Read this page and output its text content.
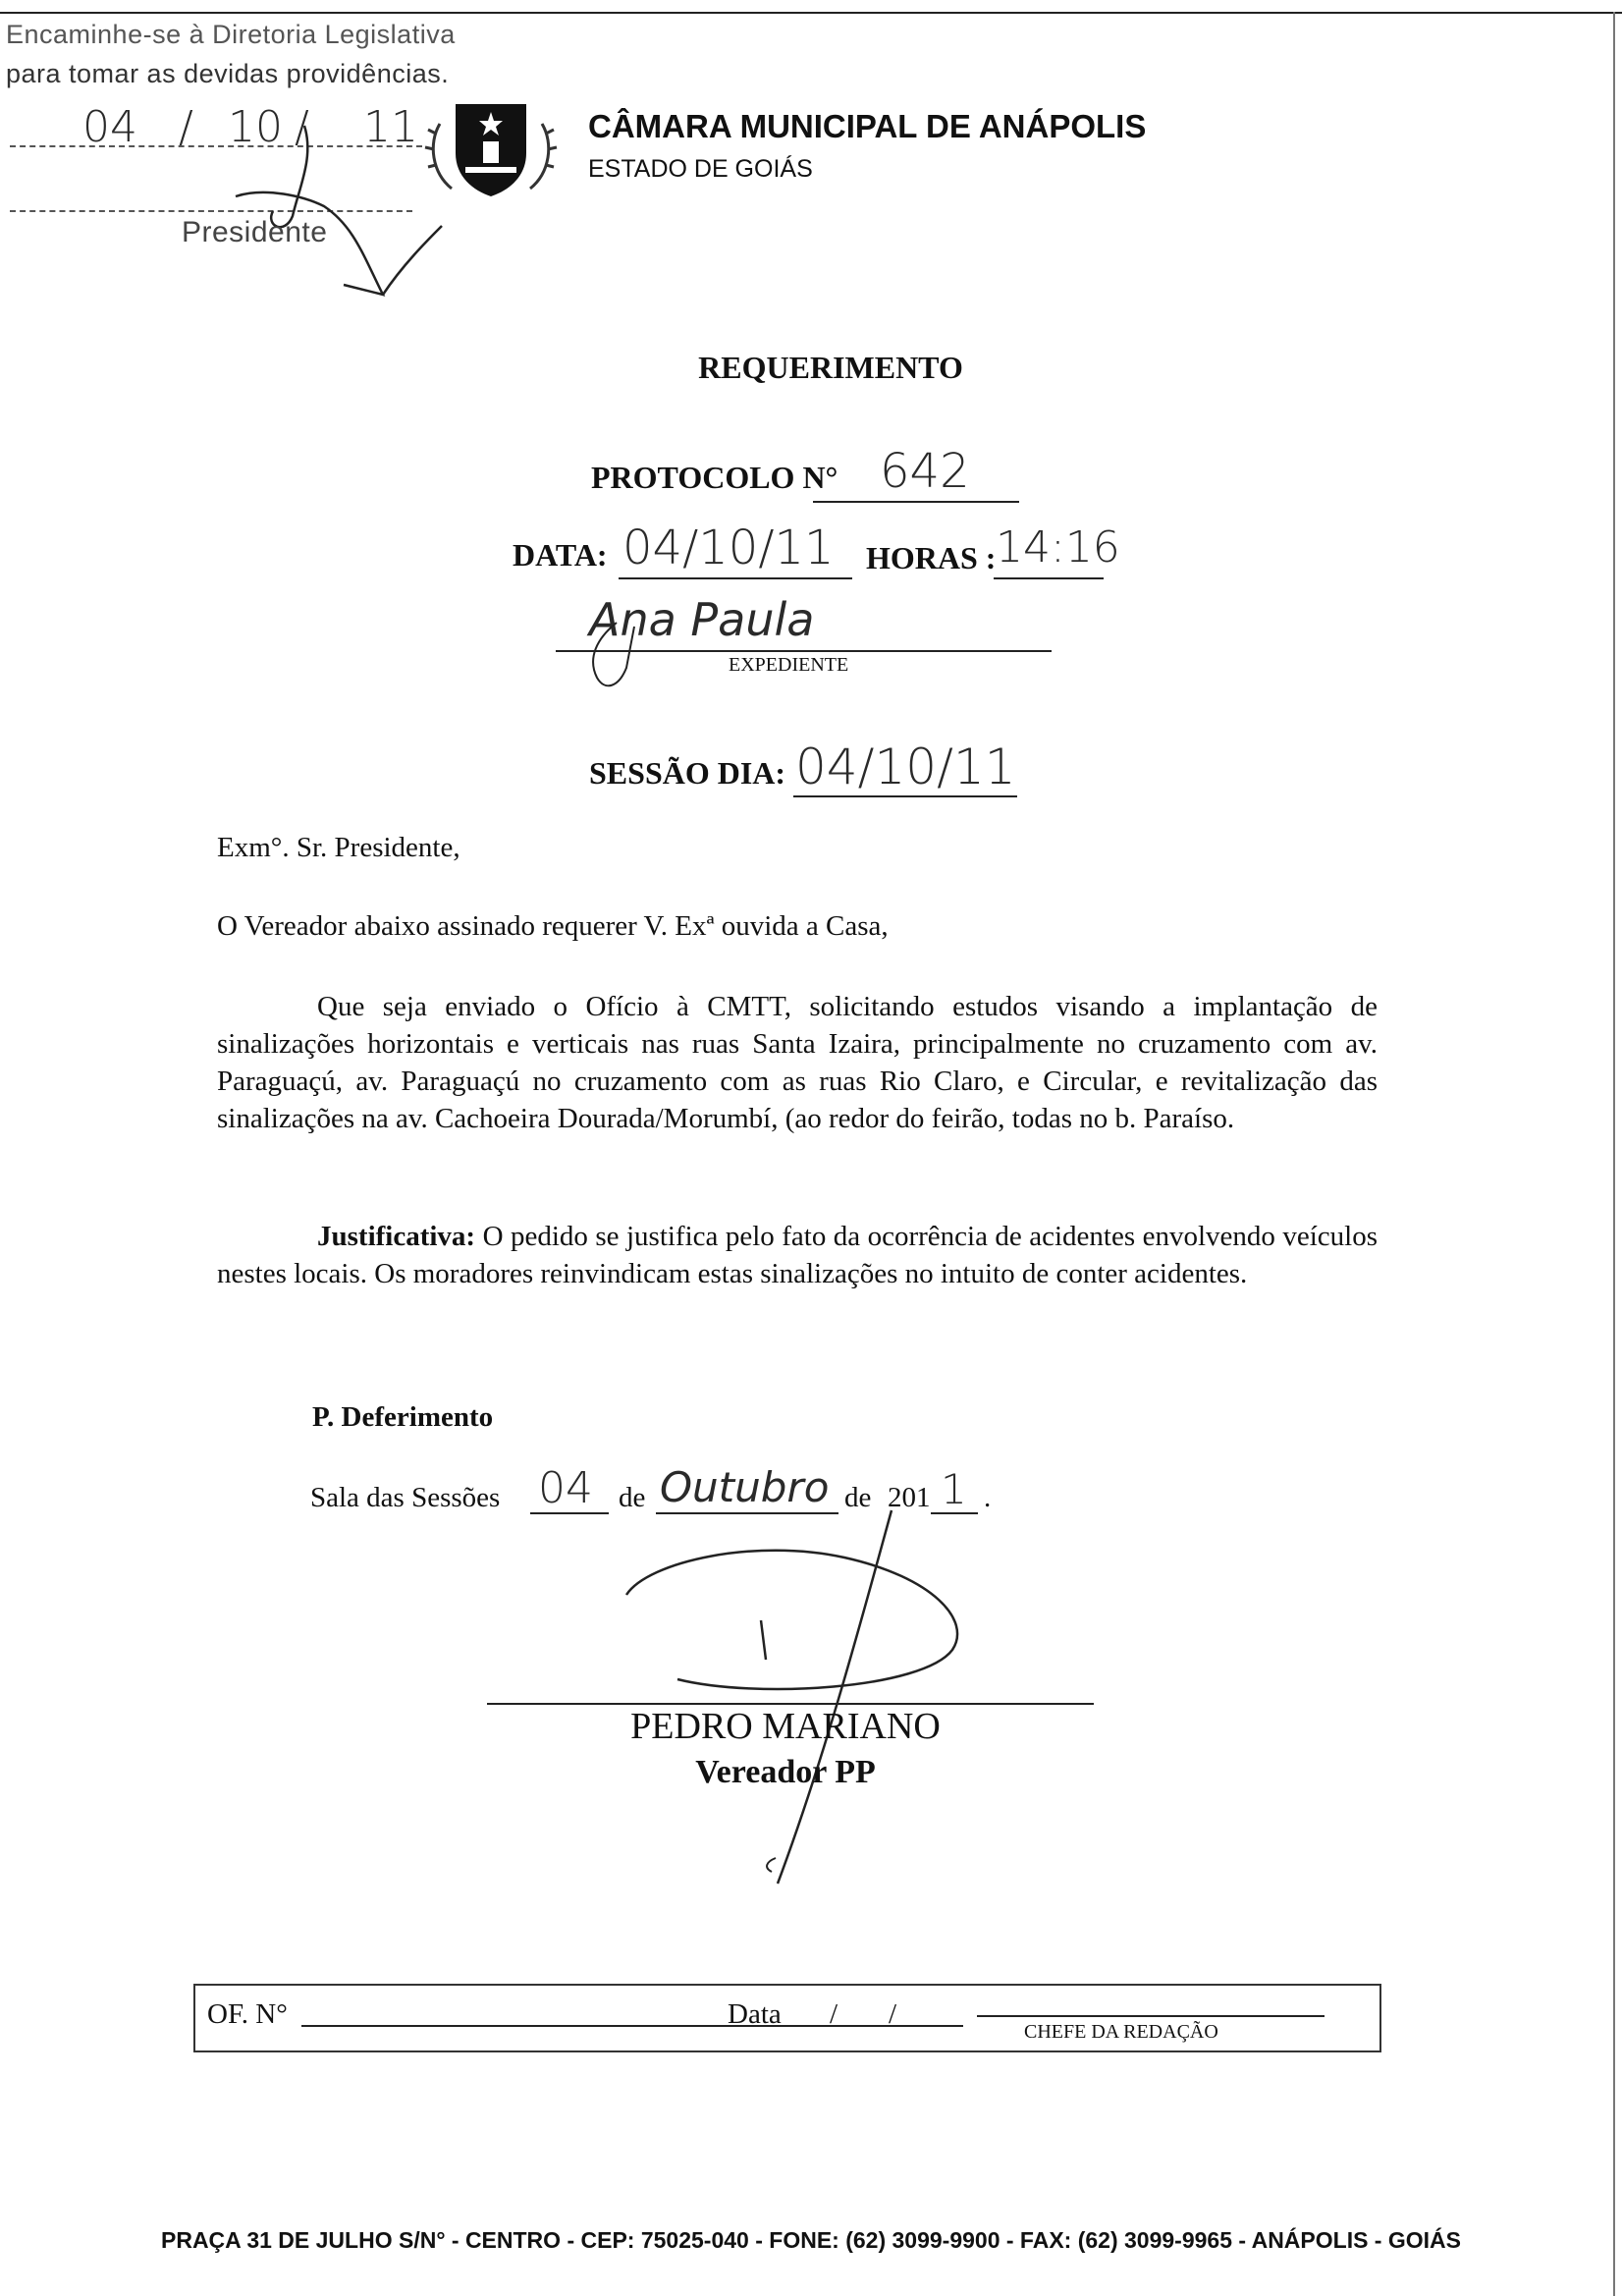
Encaminhe-se à Diretoria Legislativa
para tomar as devidas providências.
04 / 10 / 11
Presidente
CÂMARA MUNICIPAL DE ANÁPOLIS
ESTADO DE GOIÁS
REQUERIMENTO
PROTOCOLO N° 642
DATA: 04/10/11 HORAS : 14:16
Ana Paula
EXPEDIENTE
SESSÃO DIA: 04/10/11
Exm°. Sr. Presidente,
O Vereador abaixo assinado requerer V. Exª ouvida a Casa,
Que seja enviado o Ofício à CMTT, solicitando estudos visando a implantação de sinalizações horizontais e verticais nas ruas Santa Izaira, principalmente no cruzamento com av. Paraguaçú, av. Paraguaçú no cruzamento com as ruas Rio Claro, e Circular, e revitalização das sinalizações na av. Cachoeira Dourada/Morumbí, (ao redor do feirão, todas no b. Paraíso.
Justificativa: O pedido se justifica pelo fato da ocorrência de acidentes envolvendo veículos nestes locais. Os moradores reinvindicam estas sinalizações no intuito de conter acidentes.
P. Deferimento
Sala das Sessões 04 de Outubro de 201 1 .
PEDRO MARIANO
Vereador PP
OF. N°	Data / /
CHEFE DA REDAÇÃO
PRAÇA 31 DE JULHO S/N° - CENTRO - CEP: 75025-040 - FONE: (62) 3099-9900 - FAX: (62) 3099-9965 - ANÁPOLIS - GOIÁS
